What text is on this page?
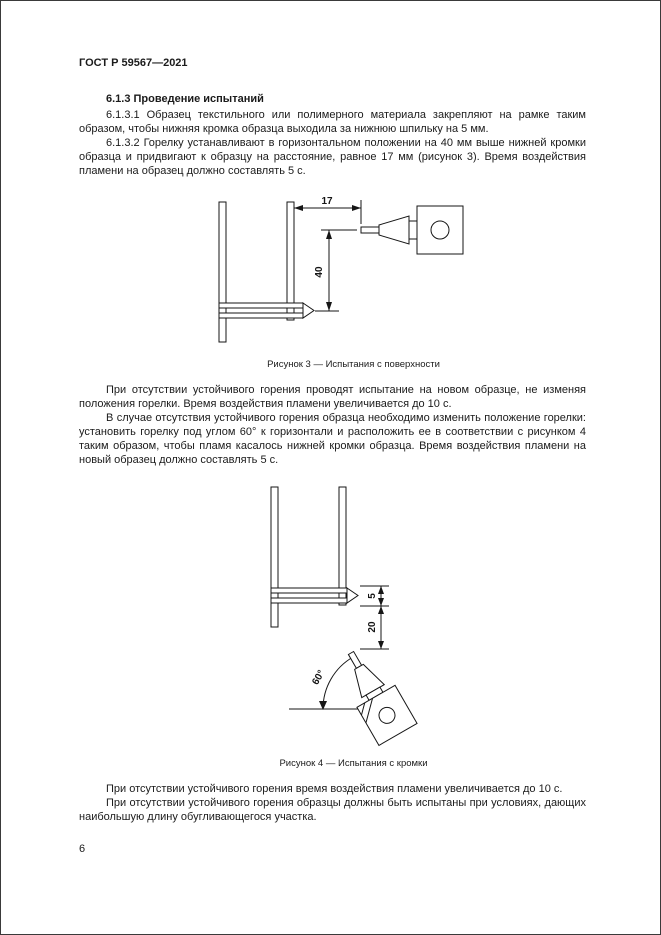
ГОСТ Р 59567—2021

6.1.3 Проведение испытаний

6.1.3.1 Образец текстильного или полимерного материала закрепляют на рамке таким образом, чтобы нижняя кромка образца выходила за нижнюю шпильку на 5 мм.

6.1.3.2 Горелку устанавливают в горизонтальном положении на 40 мм выше нижней кромки образца и придвигают к образцу на расстояние, равное 17 мм (рисунок 3). Время воздействия пламени на образец должно составлять 5 с.

17
40

Рисунок 3 — Испытания с поверхности

При отсутствии устойчивого горения проводят испытание на новом образце, не изменяя положения горелки. Время воздействия пламени увеличивается до 10 с.

В случае отсутствия устойчивого горения образца необходимо изменить положение горелки: установить горелку под углом 60° к горизонтали и расположить ее в соответствии с рисунком 4 таким образом, чтобы пламя касалось нижней кромки образца. Время воздействия пламени на новый образец должно составлять 5 с.

5
20
60°

Рисунок 4 — Испытания с кромки

При отсутствии устойчивого горения время воздействия пламени увеличивается до 10 с.

При отсутствии устойчивого горения образцы должны быть испытаны при условиях, дающих наибольшую длину обугливающегося участка.

6
